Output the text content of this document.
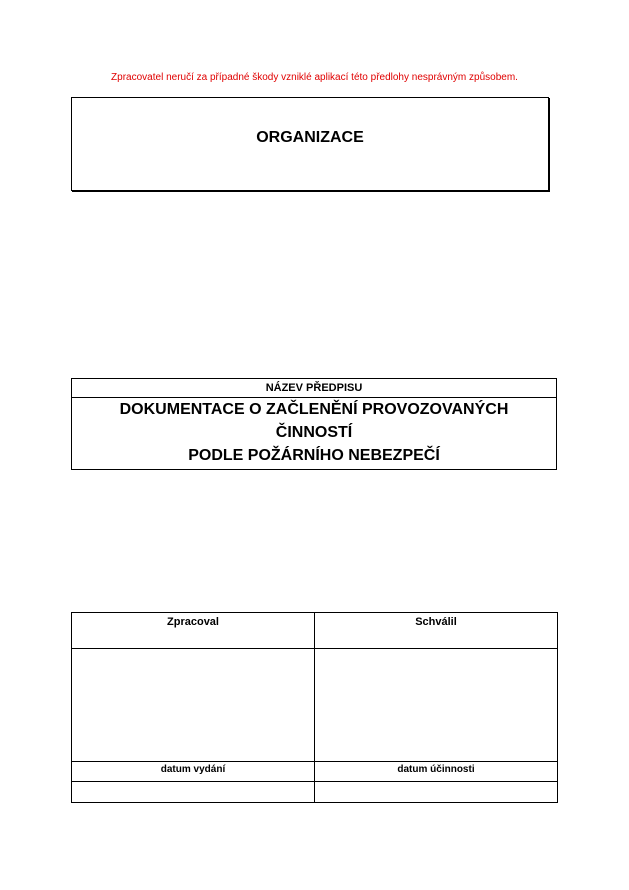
Zpracovatel neručí za případné škody vzniklé aplikací této předlohy nesprávným způsobem.
ORGANIZACE
NÁZEV PŘEDPISU

DOKUMENTACE O ZAČLENĚNÍ PROVOZOVANÝCH
ČINNOSTÍ
PODLE POŽÁRNÍHO NEBEZPEČÍ
Zpracoval	Schválil

datum vydání	datum účinnosti
